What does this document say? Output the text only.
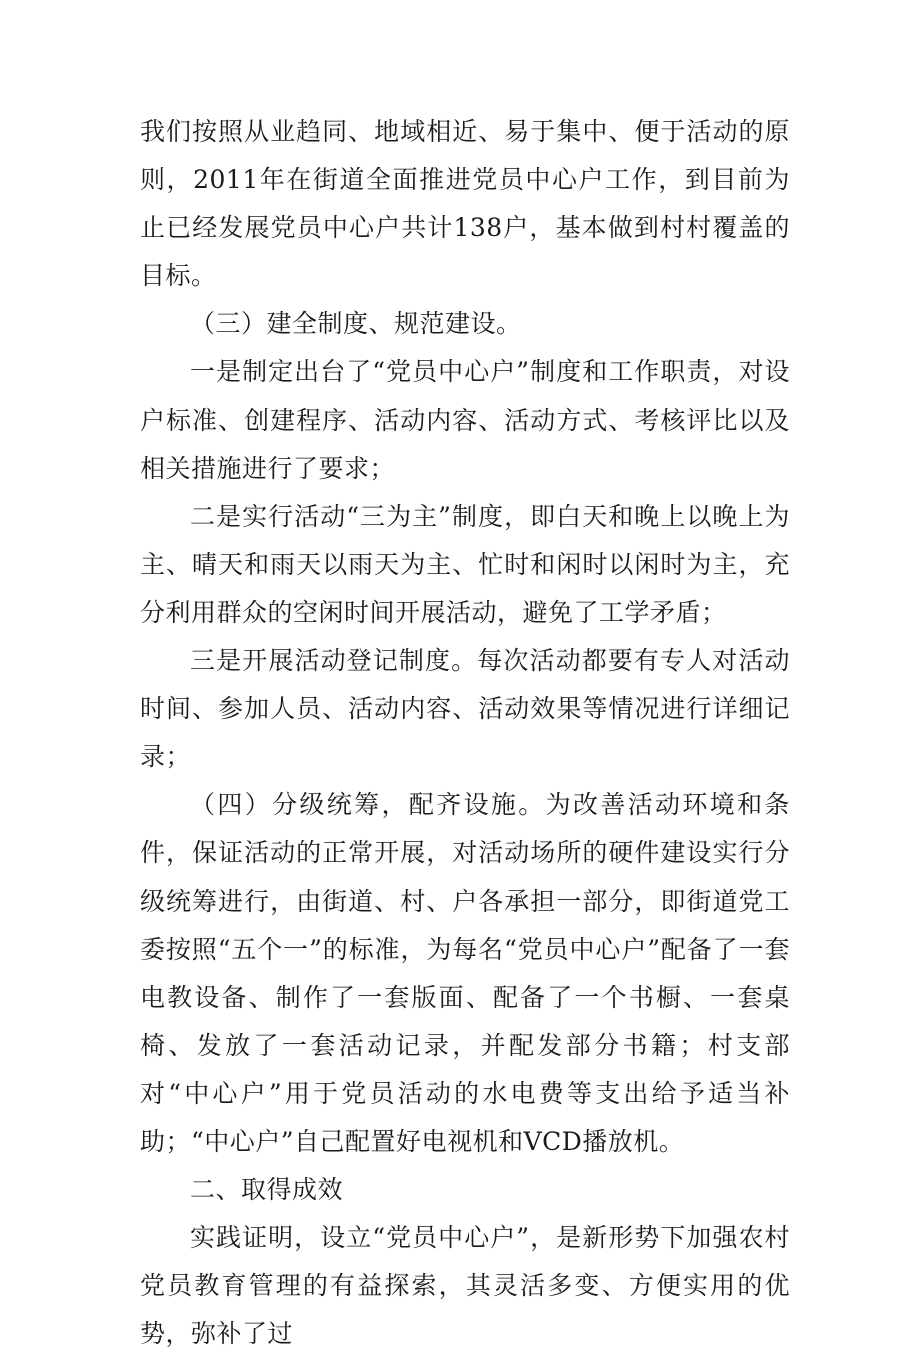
我们按照从业趋同、地域相近、易于集中、便于活动的原则，2011年在街道全面推进党员中心户工作，到目前为止已经发展党员中心户共计138户，基本做到村村覆盖的目标。

（三）建全制度、规范建设。

一是制定出台了“党员中心户”制度和工作职责，对设户标准、创建程序、活动内容、活动方式、考核评比以及相关措施进行了要求；

二是实行活动“三为主”制度，即白天和晚上以晚上为主、晴天和雨天以雨天为主、忙时和闲时以闲时为主，充分利用群众的空闲时间开展活动，避免了工学矛盾；

三是开展活动登记制度。每次活动都要有专人对活动时间、参加人员、活动内容、活动效果等情况进行详细记录；

（四）分级统筹，配齐设施。为改善活动环境和条件，保证活动的正常开展，对活动场所的硬件建设实行分级统筹进行，由街道、村、户各承担一部分，即街道党工委按照“五个一”的标准，为每名“党员中心户”配备了一套电教设备、制作了一套版面、配备了一个书橱、一套桌椅、发放了一套活动记录，并配发部分书籍；村支部对“中心户”用于党员活动的水电费等支出给予适当补助；“中心户”自己配置好电视机和VCD播放机。

二、取得成效

实践证明，设立“党员中心户”，是新形势下加强农村党员教育管理的有益探索，其灵活多变、方便实用的优势，弥补了过
